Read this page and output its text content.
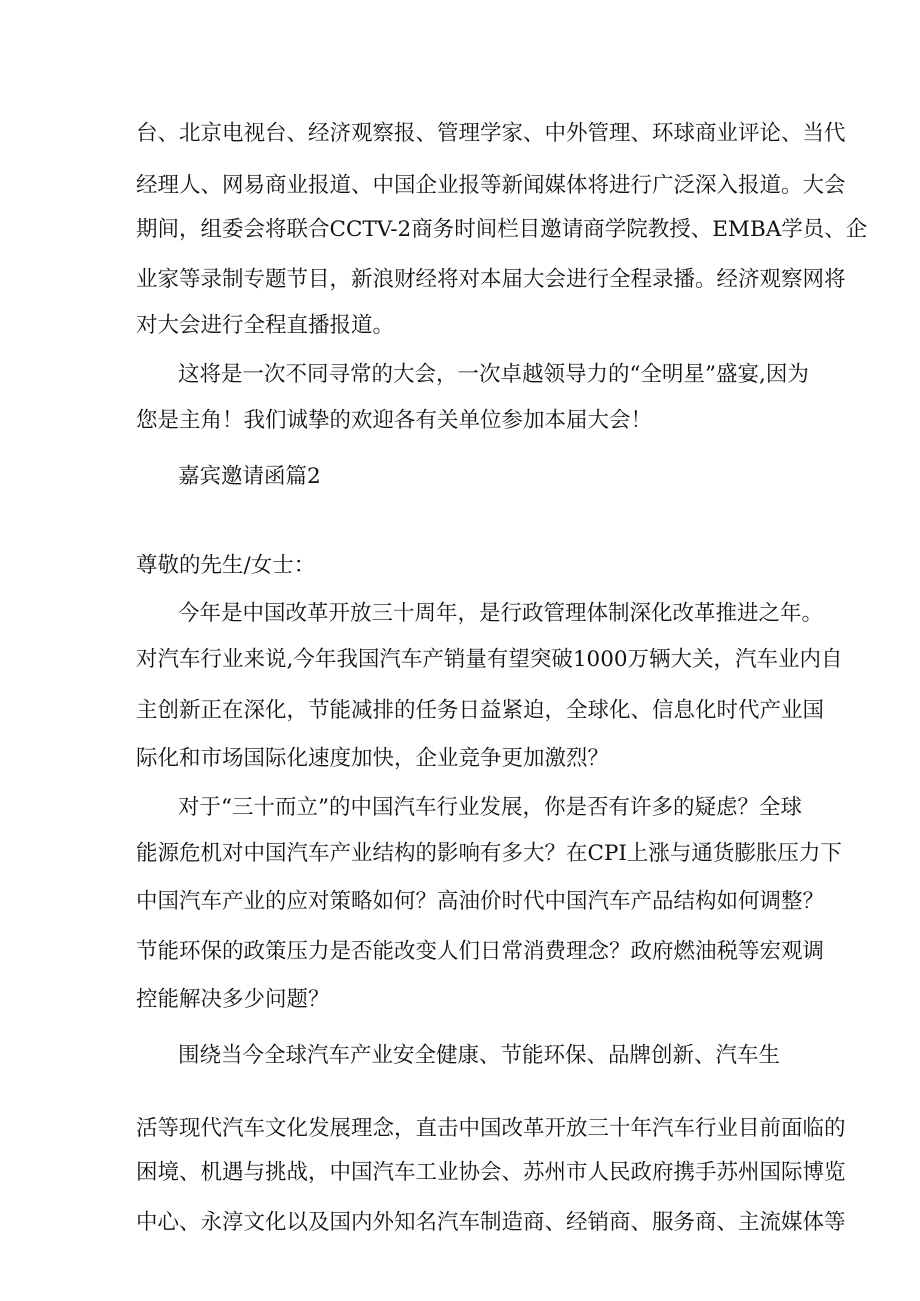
台、北京电视台、经济观察报、管理学家、中外管理、环球商业评论、当代
经理人、网易商业报道、中国企业报等新闻媒体将进行广泛深入报道。大会
期间，组委会将联合CCTV-2商务时间栏目邀请商学院教授、EMBA学员、企
业家等录制专题节目，新浪财经将对本届大会进行全程录播。经济观察网将
对大会进行全程直播报道。
这将是一次不同寻常的大会，一次卓越领导力的“全明星”盛宴,因为
您是主角！我们诚挚的欢迎各有关单位参加本届大会！
嘉宾邀请函篇2
尊敬的先生/女士：
今年是中国改革开放三十周年，是行政管理体制深化改革推进之年。
对汽车行业来说,今年我国汽车产销量有望突破1000万辆大关，汽车业内自
主创新正在深化，节能减排的任务日益紧迫，全球化、信息化时代产业国
际化和市场国际化速度加快，企业竞争更加激烈？
对于“三十而立”的中国汽车行业发展，你是否有许多的疑虑？全球
能源危机对中国汽车产业结构的影响有多大？在CPI上涨与通货膨胀压力下
中国汽车产业的应对策略如何？高油价时代中国汽车产品结构如何调整？
节能环保的政策压力是否能改变人们日常消费理念？政府燃油税等宏观调
控能解决多少问题？
围绕当今全球汽车产业安全健康、节能环保、品牌创新、汽车生
活等现代汽车文化发展理念，直击中国改革开放三十年汽车行业目前面临的
困境、机遇与挑战，中国汽车工业协会、苏州市人民政府携手苏州国际博览
中心、永淳文化以及国内外知名汽车制造商、经销商、服务商、主流媒体等
